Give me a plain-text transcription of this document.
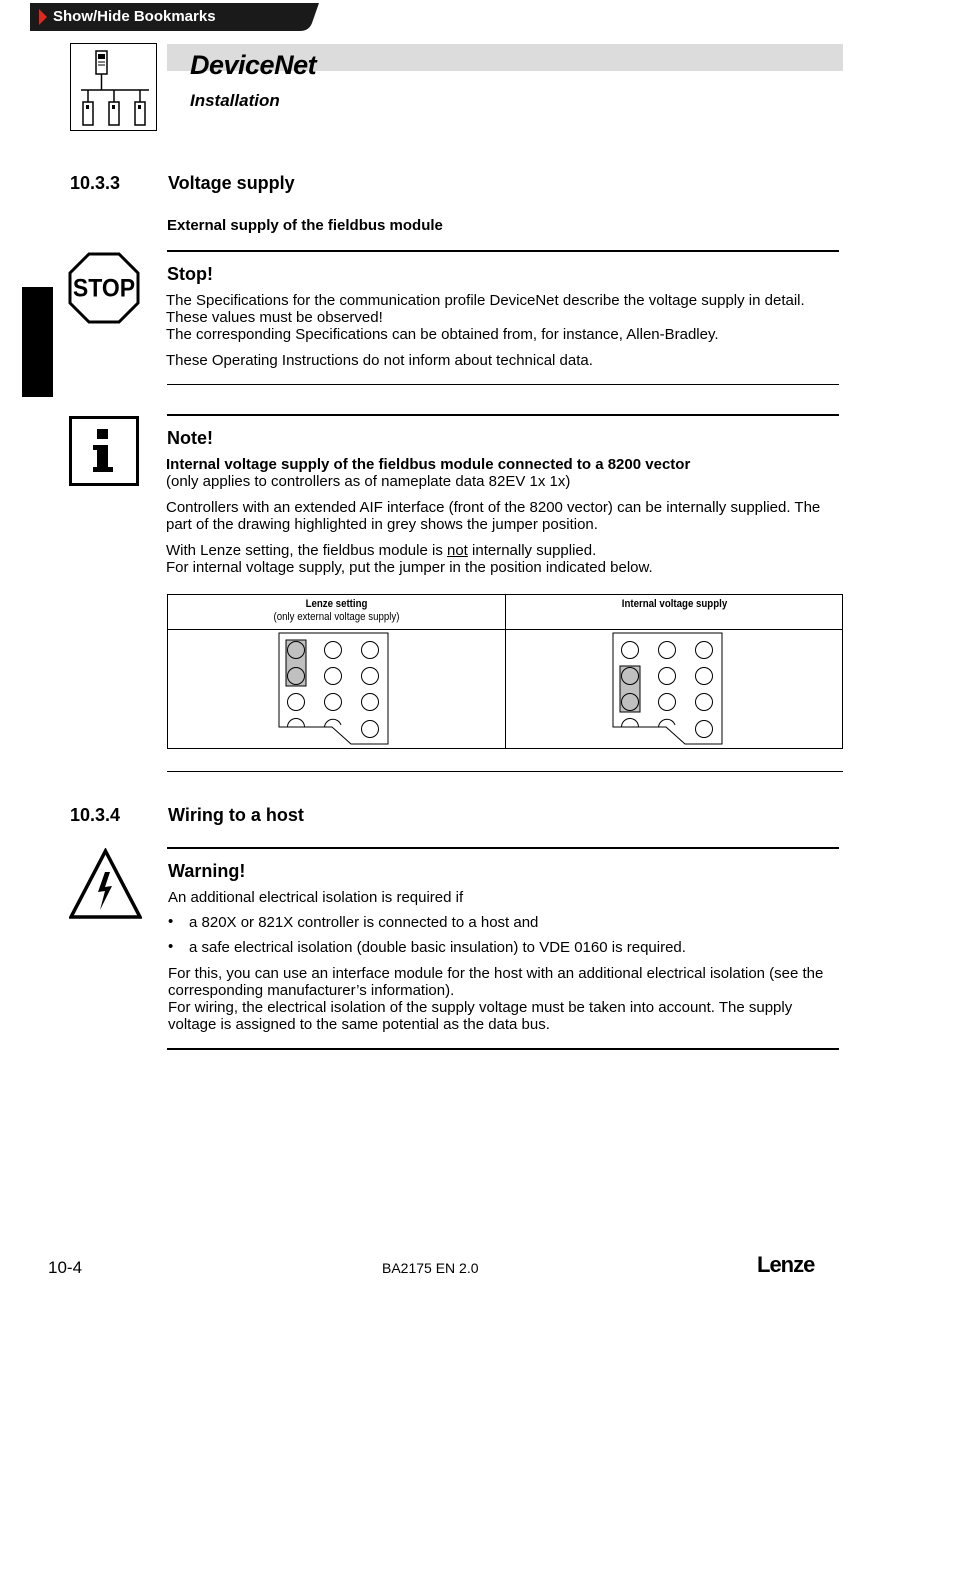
Show/Hide Bookmarks
DeviceNet
Installation
10.3.3	Voltage supply
External supply of the fieldbus module
STOP
Stop!
The Specifications for the communication profile DeviceNet describe the voltage supply in detail.
These values must be observed!
The corresponding Specifications can be obtained from, for instance, Allen-Bradley.
These Operating Instructions do not inform about technical data.
Note!
Internal voltage supply of the fieldbus module connected to a 8200 vector
(only applies to controllers as of nameplate data 82EV 1x 1x)
Controllers with an extended AIF interface (front of the 8200 vector) can be internally supplied. The
part of the drawing highlighted in grey shows the jumper position.
With Lenze setting, the fieldbus module is not internally supplied.
For internal voltage supply, put the jumper in the position indicated below.
Lenze setting
(only external voltage supply)
Internal voltage supply
10.3.4	Wiring to a host
Warning!
An additional electrical isolation is required if
• a 820X or 821X controller is connected to a host and
• a safe electrical isolation (double basic insulation) to VDE 0160 is required.
For this, you can use an interface module for the host with an additional electrical isolation (see the
corresponding manufacturer’s information).
For wiring, the electrical isolation of the supply voltage must be taken into account. The supply
voltage is assigned to the same potential as the data bus.
10-4	BA2175 EN 2.0	Lenze
